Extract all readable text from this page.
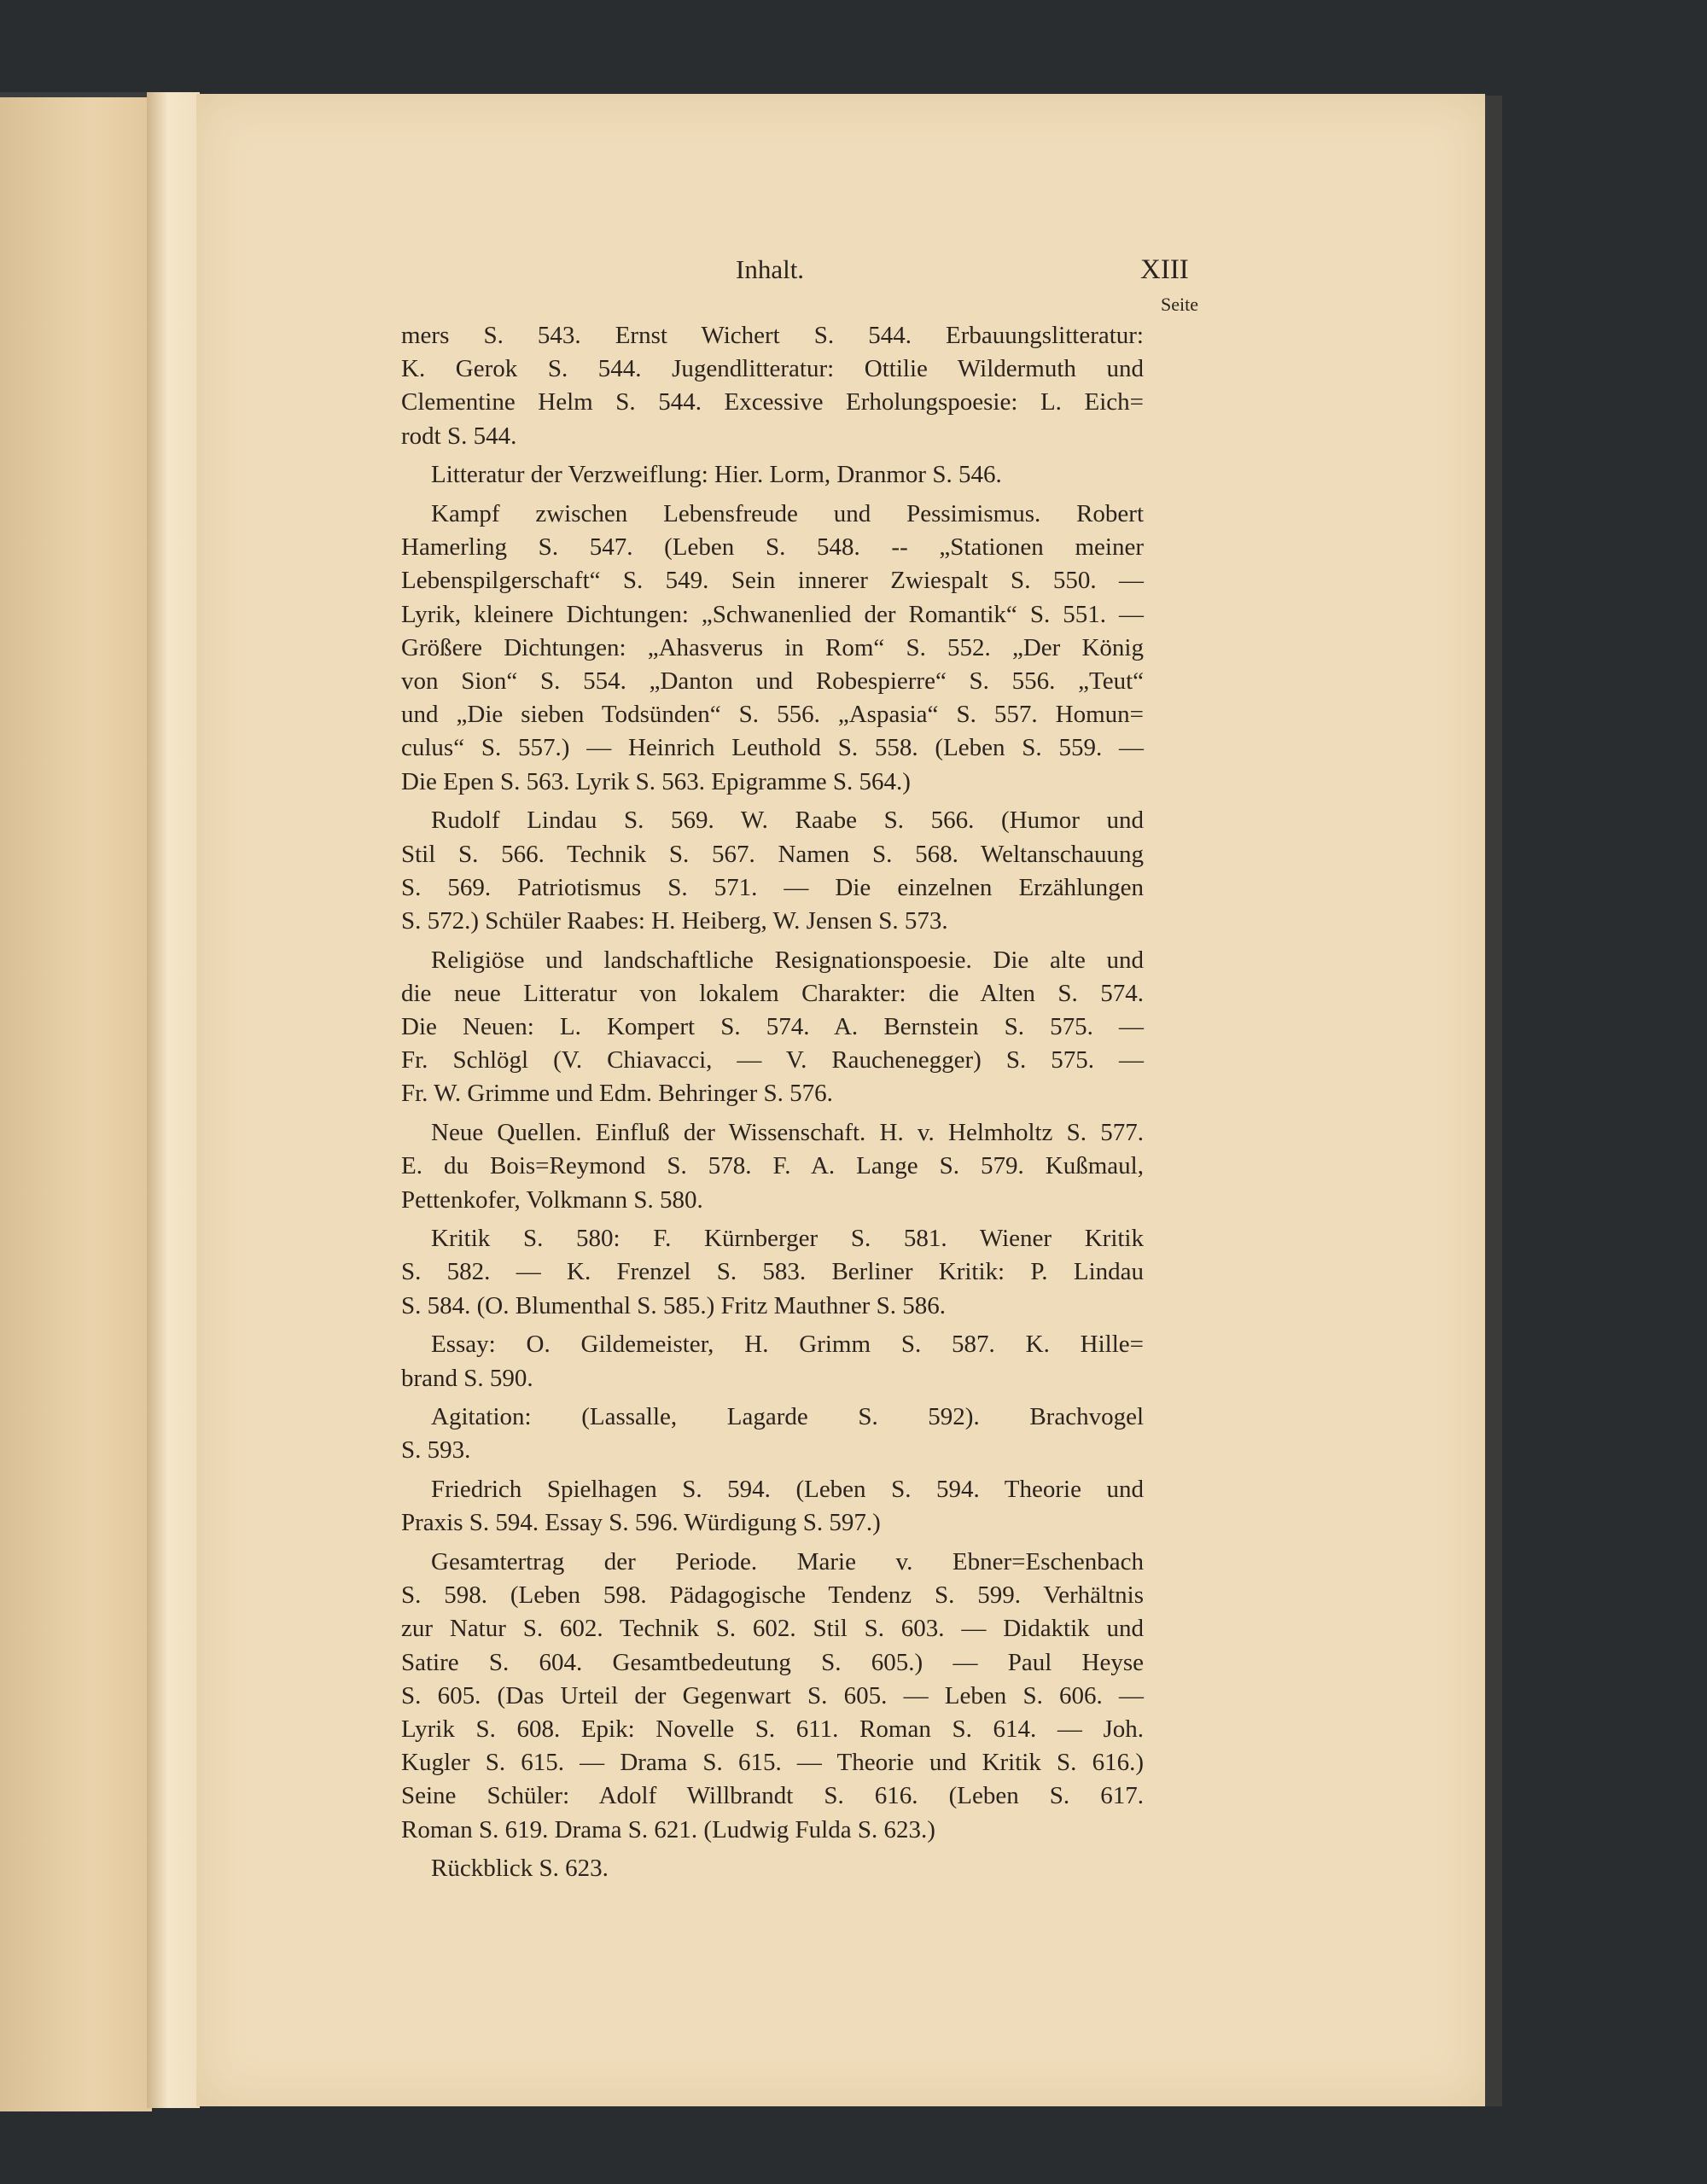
Inhalt.	XIII
Seite
mers S. 543. Ernst Wichert S. 544. Erbauungslitteratur:
K. Gerok S. 544. Jugendlitteratur: Ottilie Wildermuth und
Clementine Helm S. 544. Excessive Erholungspoesie: L. Eich=
rodt S. 544.
Litteratur der Verzweiflung: Hier. Lorm, Dranmor S. 546.
Kampf zwischen Lebensfreude und Pessimismus. Robert
Hamerling S. 547. (Leben S. 548. -- „Stationen meiner
Lebenspilgerschaft“ S. 549. Sein innerer Zwiespalt S. 550. —
Lyrik, kleinere Dichtungen: „Schwanenlied der Romantik“ S. 551. —
Größere Dichtungen: „Ahasverus in Rom“ S. 552. „Der König
von Sion“ S. 554. „Danton und Robespierre“ S. 556. „Teut“
und „Die sieben Todsünden“ S. 556. „Aspasia“ S. 557. Homun=
culus“ S. 557.) — Heinrich Leuthold S. 558. (Leben S. 559. —
Die Epen S. 563. Lyrik S. 563. Epigramme S. 564.)
Rudolf Lindau S. 569. W. Raabe S. 566. (Humor und
Stil S. 566. Technik S. 567. Namen S. 568. Weltanschauung
S. 569. Patriotismus S. 571. — Die einzelnen Erzählungen
S. 572.) Schüler Raabes: H. Heiberg, W. Jensen S. 573.
Religiöse und landschaftliche Resignationspoesie. Die alte und
die neue Litteratur von lokalem Charakter: die Alten S. 574.
Die Neuen: L. Kompert S. 574. A. Bernstein S. 575. —
Fr. Schlögl (V. Chiavacci, — V. Rauchenegger) S. 575. —
Fr. W. Grimme und Edm. Behringer S. 576.
Neue Quellen. Einfluß der Wissenschaft. H. v. Helmholtz S. 577.
E. du Bois=Reymond S. 578. F. A. Lange S. 579. Kußmaul,
Pettenkofer, Volkmann S. 580.
Kritik S. 580: F. Kürnberger S. 581. Wiener Kritik
S. 582. — K. Frenzel S. 583. Berliner Kritik: P. Lindau
S. 584. (O. Blumenthal S. 585.) Fritz Mauthner S. 586.
Essay: O. Gildemeister, H. Grimm S. 587. K. Hille=
brand S. 590.
Agitation: (Lassalle, Lagarde S. 592). Brachvogel
S. 593.
Friedrich Spielhagen S. 594. (Leben S. 594. Theorie und
Praxis S. 594. Essay S. 596. Würdigung S. 597.)
Gesamtertrag der Periode. Marie v. Ebner=Eschenbach
S. 598. (Leben 598. Pädagogische Tendenz S. 599. Verhältnis
zur Natur S. 602. Technik S. 602. Stil S. 603. — Didaktik und
Satire S. 604. Gesamtbedeutung S. 605.) — Paul Heyse
S. 605. (Das Urteil der Gegenwart S. 605. — Leben S. 606. —
Lyrik S. 608. Epik: Novelle S. 611. Roman S. 614. — Joh.
Kugler S. 615. — Drama S. 615. — Theorie und Kritik S. 616.)
Seine Schüler: Adolf Willbrandt S. 616. (Leben S. 617.
Roman S. 619. Drama S. 621. (Ludwig Fulda S. 623.)
Rückblick S. 623.
